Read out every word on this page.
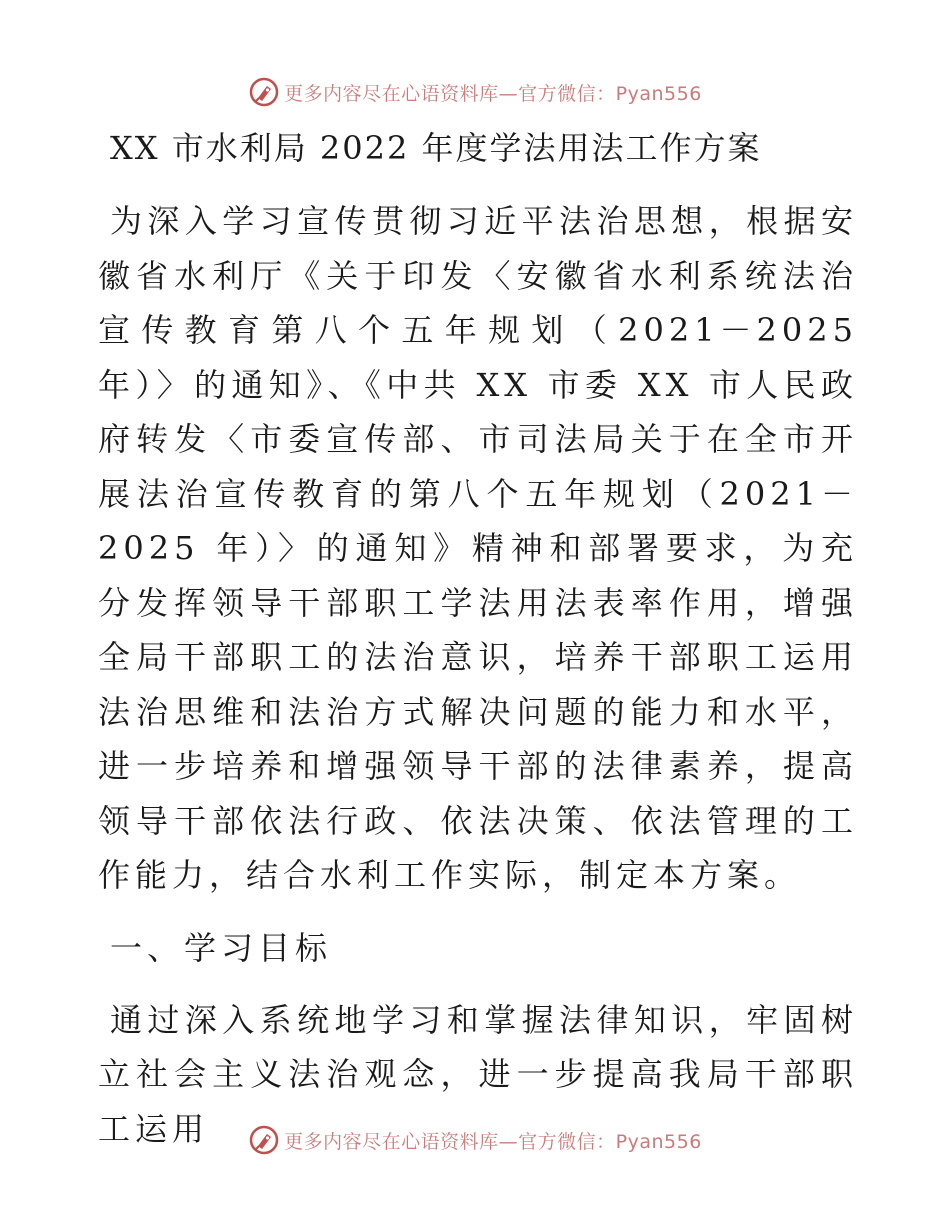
更多内容尽在心语资料库—官方微信：Pyan556
XX 市水利局 2022 年度学法用法工作方案

为深入学习宣传贯彻习近平法治思想，根据安徽省水利厅《关于印发〈安徽省水利系统法治宣传教育第八个五年规划（2021－2025 年）〉的通知》、《中共 XX 市委 XX 市人民政府转发〈市委宣传部、市司法局关于在全市开展法治宣传教育的第八个五年规划（2021－2025 年）〉的通知》精神和部署要求，为充分发挥领导干部职工学法用法表率作用，增强全局干部职工的法治意识，培养干部职工运用法治思维和法治方式解决问题的能力和水平，进一步培养和增强领导干部的法律素养，提高领导干部依法行政、依法决策、依法管理的工作能力，结合水利工作实际，制定本方案。

一、学习目标

通过深入系统地学习和掌握法律知识，牢固树立社会主义法治观念，进一步提高我局干部职工运用	更多内容尽在心语资料库—官方微信：Pyan556
